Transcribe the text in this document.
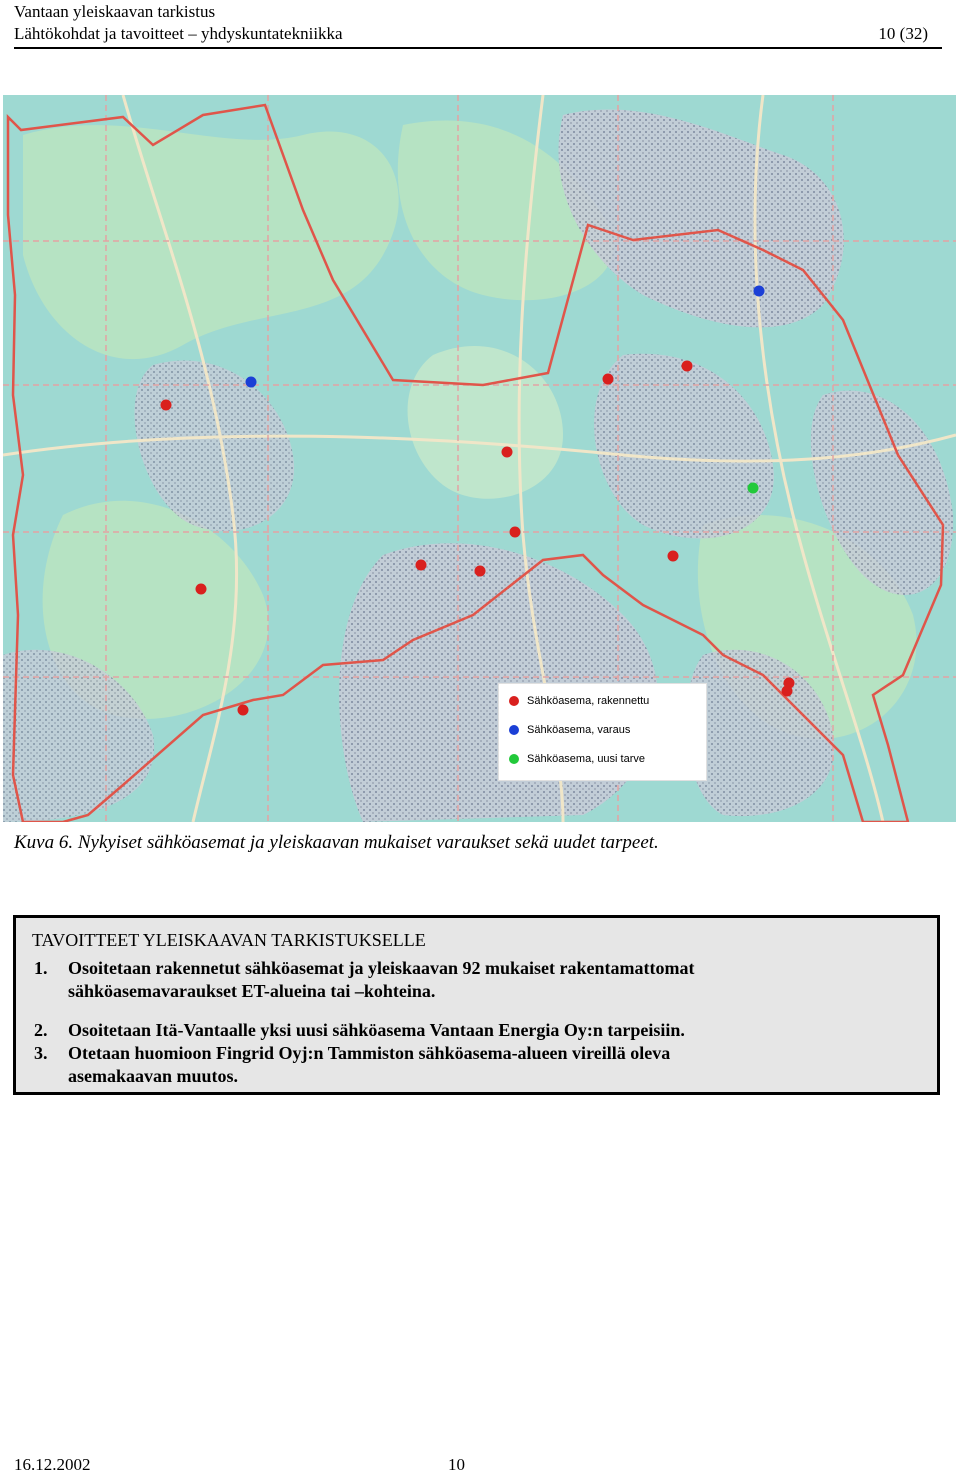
Vantaan yleiskaavan tarkistus
Lähtökohdat ja tavoitteet – yhdyskuntatekniikka	10 (32)
Sähköasema, rakennettu
Sähköasema, varaus
Sähköasema, uusi tarve
Kuva 6. Nykyiset sähköasemat ja yleiskaavan mukaiset varaukset sekä uudet tarpeet.
TAVOITTEET YLEISKAAVAN TARKISTUKSELLE
1. Osoitetaan rakennetut sähköasemat ja yleiskaavan 92 mukaiset rakentamattomat
sähköasemavaraukset ET-alueina tai –kohteina.
2. Osoitetaan Itä-Vantaalle yksi uusi sähköasema Vantaan Energia Oy:n tarpeisiin.
3. Otetaan huomioon Fingrid Oyj:n Tammiston sähköasema-alueen vireillä oleva
asemakaavan muutos.
16.12.2002	10
